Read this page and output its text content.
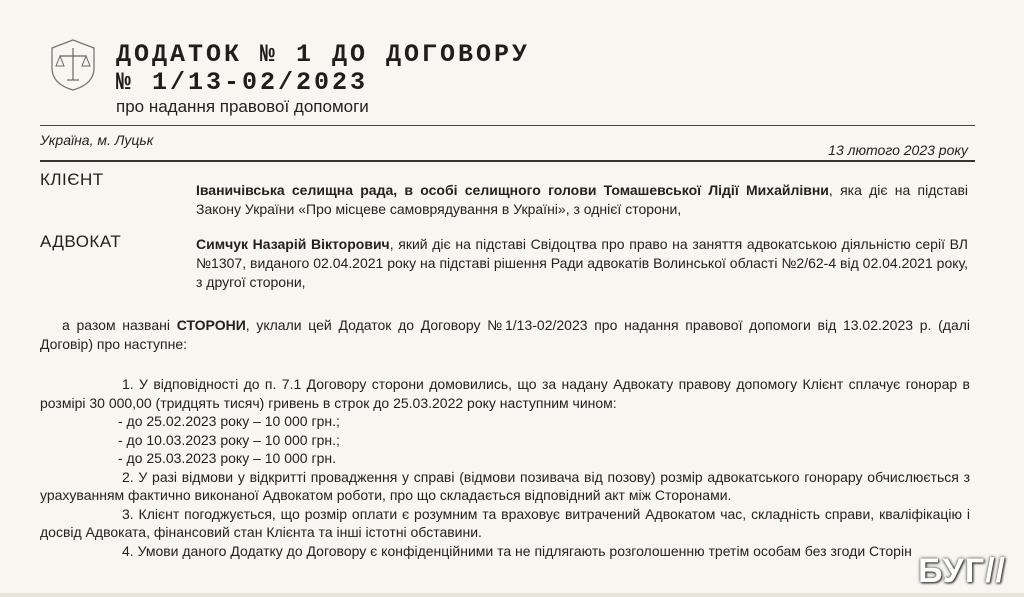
ДОДАТОК № 1 ДО ДОГОВОРУ
№ 1/13-02/2023
про надання правової допомоги
Україна, м. Луцьк
13 лютого 2023 року
КЛІЄНТ
Іваничівська селищна рада, в особі селищного голови Томашевської Лідії Михайлівни, яка діє на підставі Закону України «Про місцеве самоврядування в Україні», з однієї сторони,
АДВОКАТ	Симчук Назарій Вікторович, який діє на підставі Свідоцтва про право на заняття адвокатською діяльністю серії ВЛ №1307, виданого 02.04.2021 року на підставі рішення Ради адвокатів Волинської області №2/62-4 від 02.04.2021 року, з другої сторони,
а разом названі СТОРОНИ, уклали цей Додаток до Договору №1/13-02/2023 про надання правової допомоги від 13.02.2023 р. (далі Договір) про наступне:

1. У відповідності до п. 7.1 Договору сторони домовились, що за надану Адвокату правову допомогу Клієнт сплачує гонорар в розмірі 30 000,00 (тридцять тисяч) гривень в строк до 25.03.2022 року наступним чином:

- до 25.02.2023 року – 10 000 грн.;

- до 10.03.2023 року – 10 000 грн.;

- до 25.03.2023 року – 10 000 грн.

2. У разі відмови у відкритті провадження у справі (відмови позивача від позову) розмір адвокатського гонорару обчислюється з урахуванням фактично виконаної Адвокатом роботи, про що складається відповідний акт між Сторонами.

3. Клієнт погоджується, що розмір оплати є розумним та враховує витрачений Адвокатом час, складність справи, кваліфікацію і досвід Адвоката, фінансовий стан Клієнта та інші істотні обставини.

4. Умови даного Додатку до Договору є конфіденційними та не підлягають розголошенню третім особам без згоди Сторін

БУГ//
